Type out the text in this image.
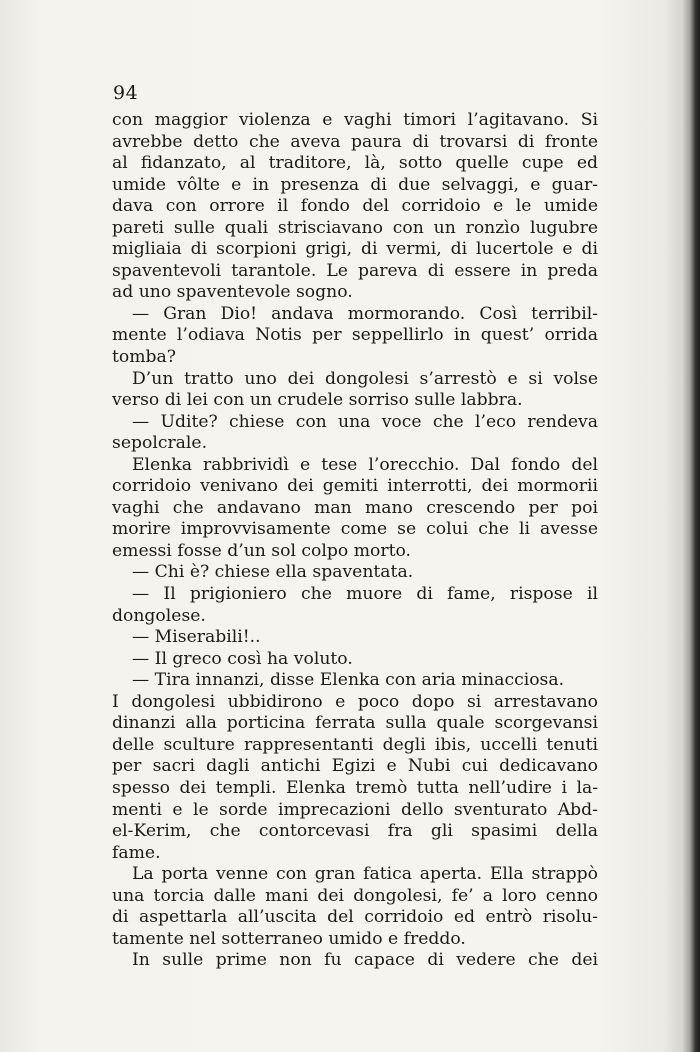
94
con maggior violenza e vaghi timori l’agitavano. Si
avrebbe detto che aveva paura di trovarsi di fronte
al fidanzato, al traditore, là, sotto quelle cupe ed
umide vôlte e in presenza di due selvaggi, e guar-
dava con orrore il fondo del corridoio e le umide
pareti sulle quali strisciavano con un ronzìo lugubre
migliaia di scorpioni grigi, di vermi, di lucertole e di
spaventevoli tarantole. Le pareva di essere in preda
ad uno spaventevole sogno.
— Gran Dio! andava mormorando. Così terribil-
mente l’odiava Notis per seppellirlo in quest’ orrida
tomba?
D’un tratto uno dei dongolesi s’arrestò e si volse
verso di lei con un crudele sorriso sulle labbra.
— Udite? chiese con una voce che l’eco rendeva
sepolcrale.
Elenka rabbrividì e tese l’orecchio. Dal fondo del
corridoio venivano dei gemiti interrotti, dei mormorii
vaghi che andavano man mano crescendo per poi
morire improvvisamente come se colui che li avesse
emessi fosse d’un sol colpo morto.
— Chi è? chiese ella spaventata.
— Il prigioniero che muore di fame, rispose il
dongolese.
— Miserabili!..
— Il greco così ha voluto.
— Tira innanzi, disse Elenka con aria minacciosa.
I dongolesi ubbidirono e poco dopo si arrestavano
dinanzi alla porticina ferrata sulla quale scorgevansi
delle sculture rappresentanti degli ibis, uccelli tenuti
per sacri dagli antichi Egizi e Nubi cui dedicavano
spesso dei templi. Elenka tremò tutta nell’udire i la-
menti e le sorde imprecazioni dello sventurato Abd-
el-Kerim, che contorcevasi fra gli spasimi della
fame.
La porta venne con gran fatica aperta. Ella strappò
una torcia dalle mani dei dongolesi, fe’ a loro cenno
di aspettarla all’uscita del corridoio ed entrò risolu-
tamente nel sotterraneo umido e freddo.
In sulle prime non fu capace di vedere che dei
